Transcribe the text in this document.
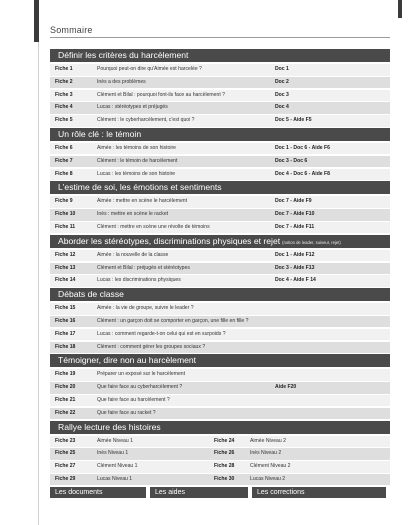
Sommaire
Définir les critères du harcèlement
Fiche 1	Pourquoi peut-on dire qu'Aimée est harcelée ?	Doc 1
Fiche 2	Inès a des problèmes	Doc 2
Fiche 3	Clément et Bilal : pourquoi font-ils face au harcèlement ?	Doc 3
Fiche 4	Lucas : stéréotypes et préjugés	Doc 4
Fiche 5	Clément : le cyberharcèlement, c'est quoi ?	Doc 5 - Aide F5
Un rôle clé : le témoin
Fiche 6	Aimée : les témoins de son histoire	Doc 1 - Doc 6 - Aide F6
Fiche 7	Clément : le témoin de harcèlement	Doc 3 - Doc 6
Fiche 8	Lucas : les témoins de son histoire	Doc 4 - Doc 6 - Aide F8
L'estime de soi, les émotions et sentiments
Fiche 9	Aimée : mettre en scène le harcèlement	Doc 7 - Aide F9
Fiche 10	Inès : mettre en scène le racket	Doc 7 - Aide F10
Fiche 11	Clément : mettre en scène une révolte de témoins	Doc 7 - Aide F11
Aborder les stéréotypes, discriminations physiques et rejet (notion de leader, suiveur, rejet)
Fiche 12	Aimée : la nouvelle de la classe	Doc 1 - Aide F12
Fiche 13	Clément et Bilal : préjugés et stéréotypes	Doc 3 - Aide F13
Fiche 14	Lucas : les discriminations physiques	Doc 4 - Aide F 14
Débats de classe
Fiche 15	Aimée : la vie de groupe, suivre le leader ?
Fiche 16	Clément : un garçon doit se comporter en garçon, une fille en fille ?
Fiche 17	Lucas : comment regarde-t-on celui qui est en surpoids ?
Fiche 18	Clément : comment gérer les groupes sociaux ?
Témoigner, dire non au harcèlement
Fiche 19	Préparer un exposé sur le harcèlement
Fiche 20	Que faire face au cyberharcèlement ?	Aide F20
Fiche 21	Que faire face au harcèlement ?
Fiche 22	Que faire face au racket ?
Rallye lecture des histoires
Fiche 23	Aimée Niveau 1	Fiche 24	Aimée Niveau 2
Fiche 25	Inès Niveau 1	Fiche 26	Inès Niveau 2
Fiche 27	Clément Niveau 1	Fiche 28	Clément Niveau 2
Fiche 29	Lucas Niveau 1	Fiche 30	Lucas Niveau 2
Les documents	Les aides	Les corrections
